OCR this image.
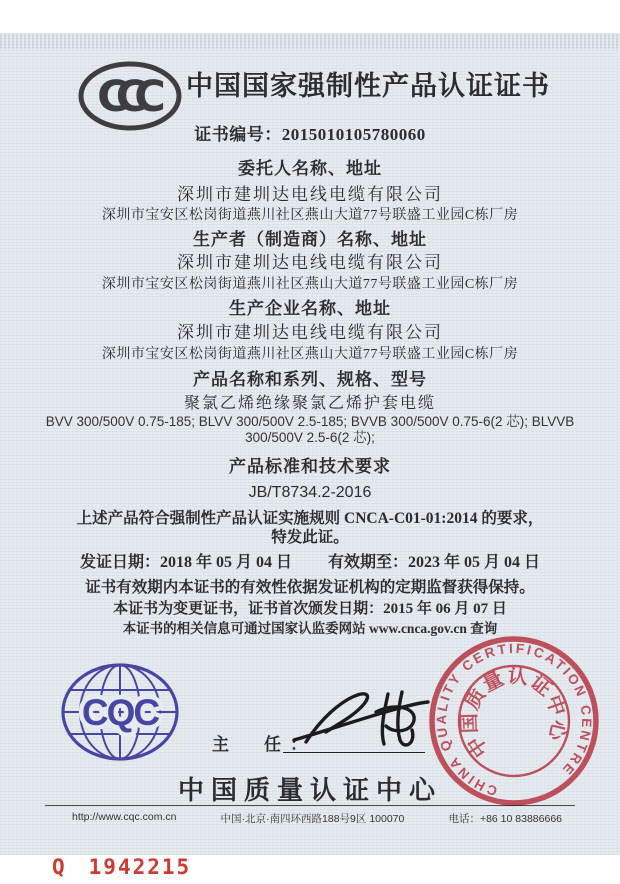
CCC	中国国家强制性产品认证证书
证书编号：2015010105780060
委托人名称、地址
深圳市建圳达电线电缆有限公司
深圳市宝安区松岗街道燕川社区燕山大道77号联盛工业园C栋厂房
生产者（制造商）名称、地址
深圳市建圳达电线电缆有限公司
深圳市宝安区松岗街道燕川社区燕山大道77号联盛工业园C栋厂房
生产企业名称、地址
深圳市建圳达电线电缆有限公司
深圳市宝安区松岗街道燕川社区燕山大道77号联盛工业园C栋厂房
产品名称和系列、规格、型号
聚氯乙烯绝缘聚氯乙烯护套电缆
BVV 300/500V 0.75-185; BLVV 300/500V 2.5-185; BVVB 300/500V 0.75-6(2 芯); BLVVB
300/500V 2.5-6(2 芯);
产品标准和技术要求
JB/T8734.2-2016
上述产品符合强制性产品认证实施规则 CNCA-C01-01:2014 的要求，
特发此证。
发证日期：2018 年 05 月 04 日 有效期至：2023 年 05 月 04 日
证书有效期内本证书的有效性依据发证机构的定期监督获得保持。
本证书为变更证书，证书首次颁发日期：2015 年 06 月 07 日
本证书的相关信息可通过国家认监委网站 www.cnca.gov.cn 查询
CQC
主　任：
CHINA QUALITY CERTIFICATION CENTRE
中国质量认证中心
中国质量认证中心
http://www.cqc.com.cn	中国·北京·南四环西路188号9区 100070	电话：+86 10 83886666
Q 1942215
